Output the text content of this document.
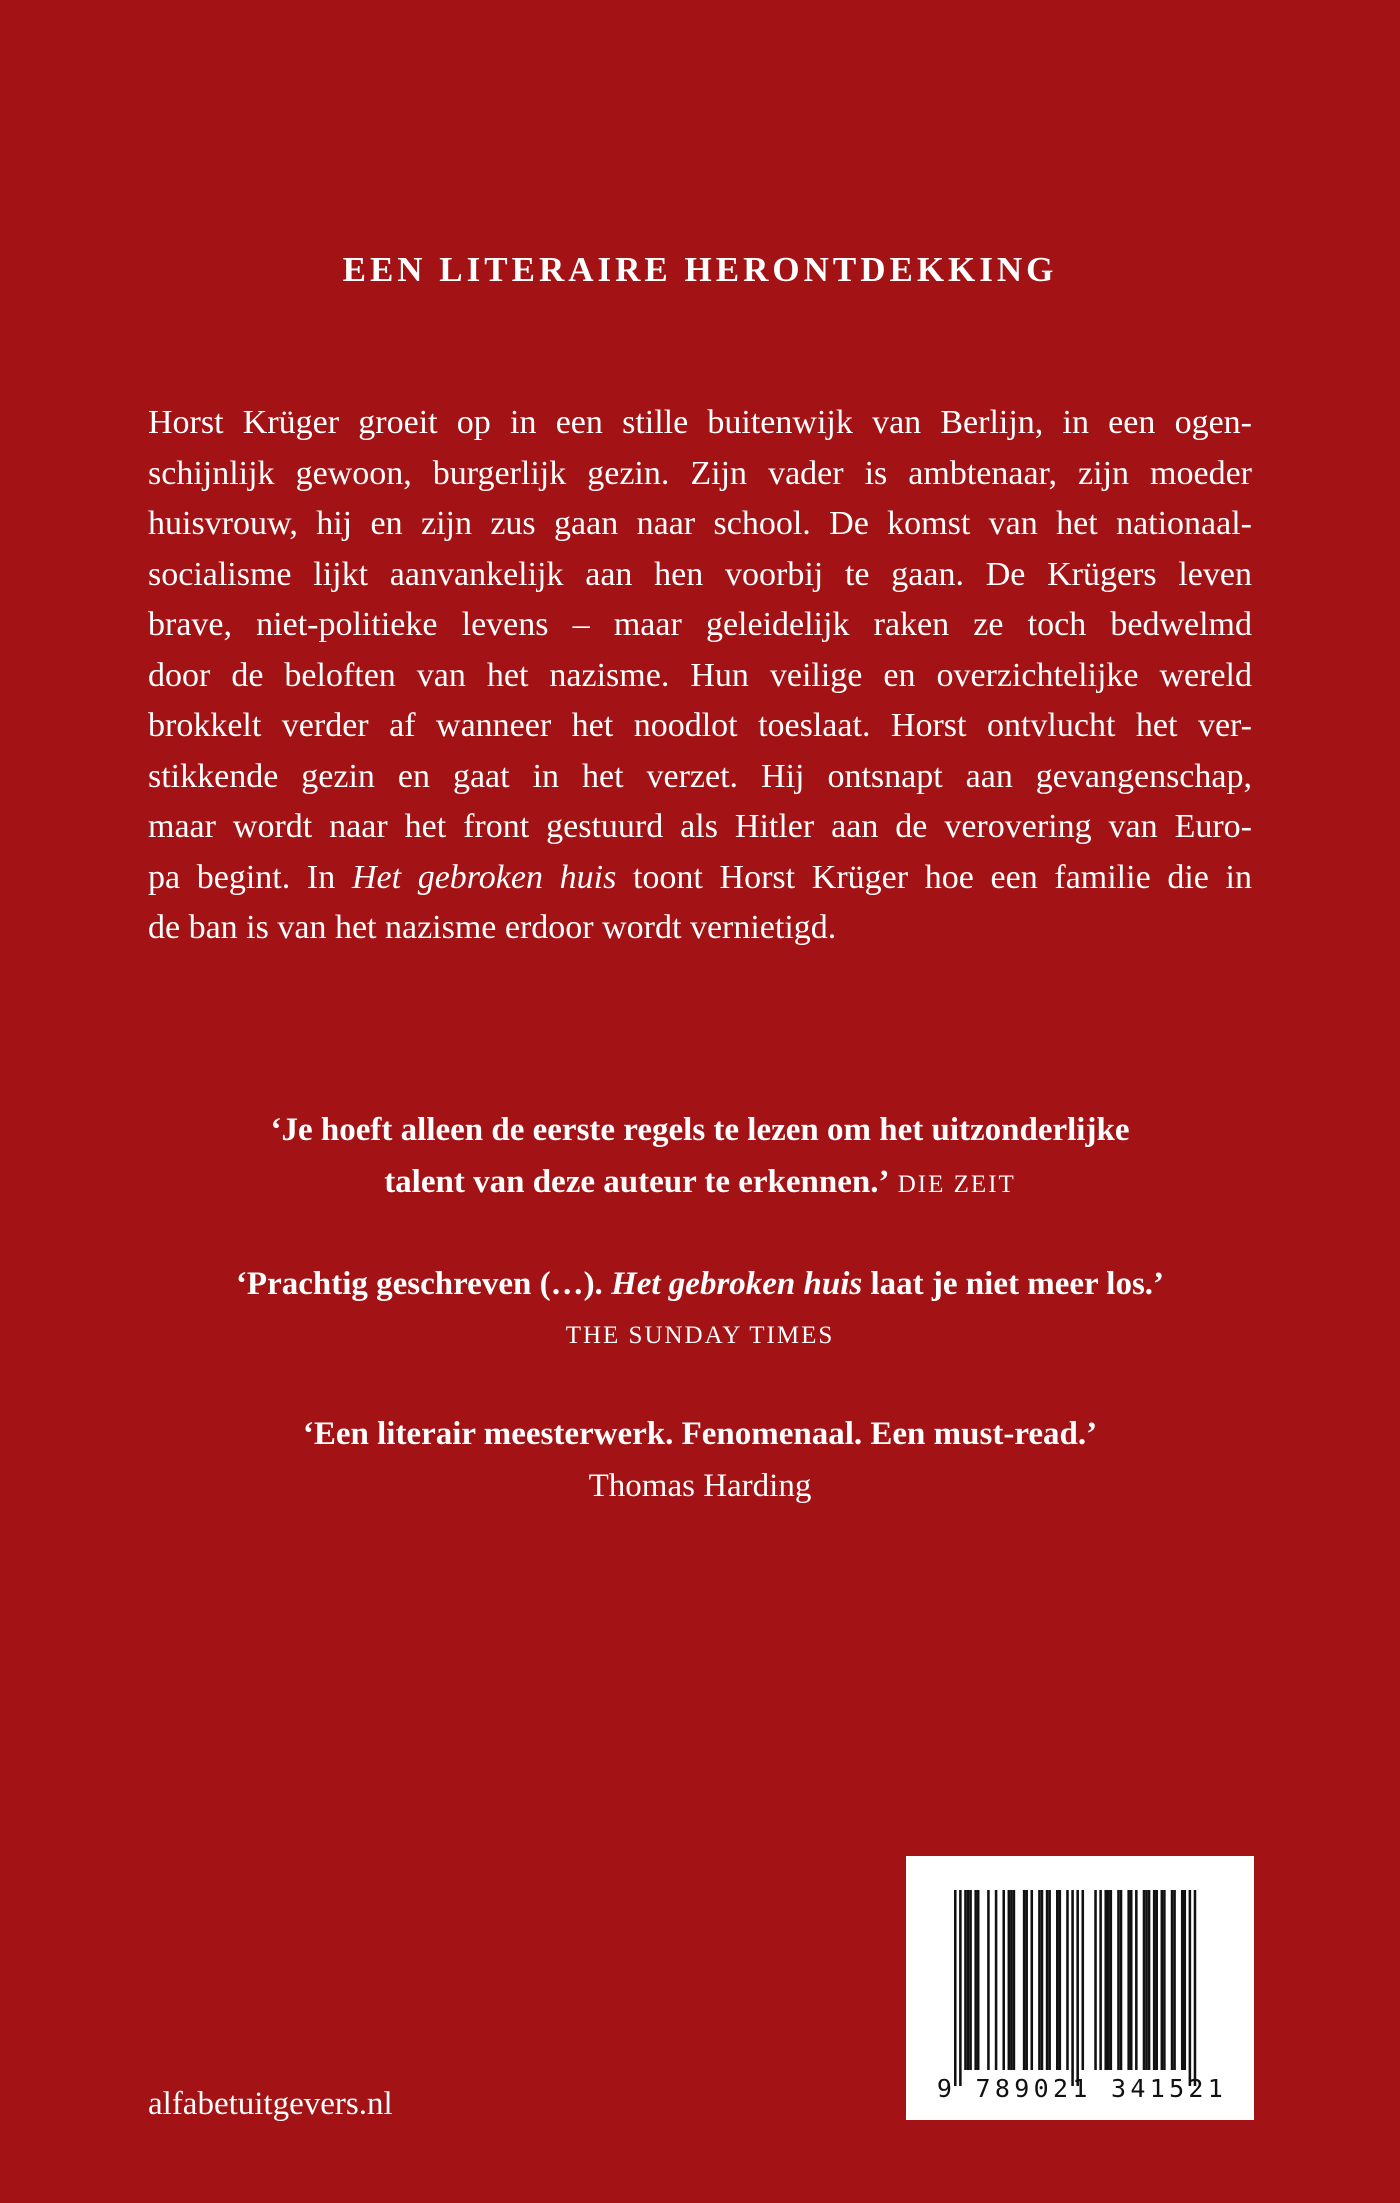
EEN LITERAIRE HERONTDEKKING
Horst Krüger groeit op in een stille buitenwijk van Berlijn, in een ogen-
schijnlijk gewoon, burgerlijk gezin. Zijn vader is ambtenaar, zijn moeder
huisvrouw, hij en zijn zus gaan naar school. De komst van het nationaal-
socialisme lijkt aanvankelijk aan hen voorbij te gaan. De Krügers leven
brave, niet-politieke levens – maar geleidelijk raken ze toch bedwelmd
door de beloften van het nazisme. Hun veilige en overzichtelijke wereld
brokkelt verder af wanneer het noodlot toeslaat. Horst ontvlucht het ver-
stikkende gezin en gaat in het verzet. Hij ontsnapt aan gevangenschap,
maar wordt naar het front gestuurd als Hitler aan de verovering van Euro-
pa begint. In Het gebroken huis toont Horst Krüger hoe een familie die in
de ban is van het nazisme erdoor wordt vernietigd.
‘Je hoeft alleen de eerste regels te lezen om het uitzonderlijke
talent van deze auteur te erkennen.’ DIE ZEIT
‘Prachtig geschreven (…). Het gebroken huis laat je niet meer los.’
THE SUNDAY TIMES
‘Een literair meesterwerk. Fenomenaal. Een must-read.’
Thomas Harding
alfabetuitgevers.nl	9 789021 341521
